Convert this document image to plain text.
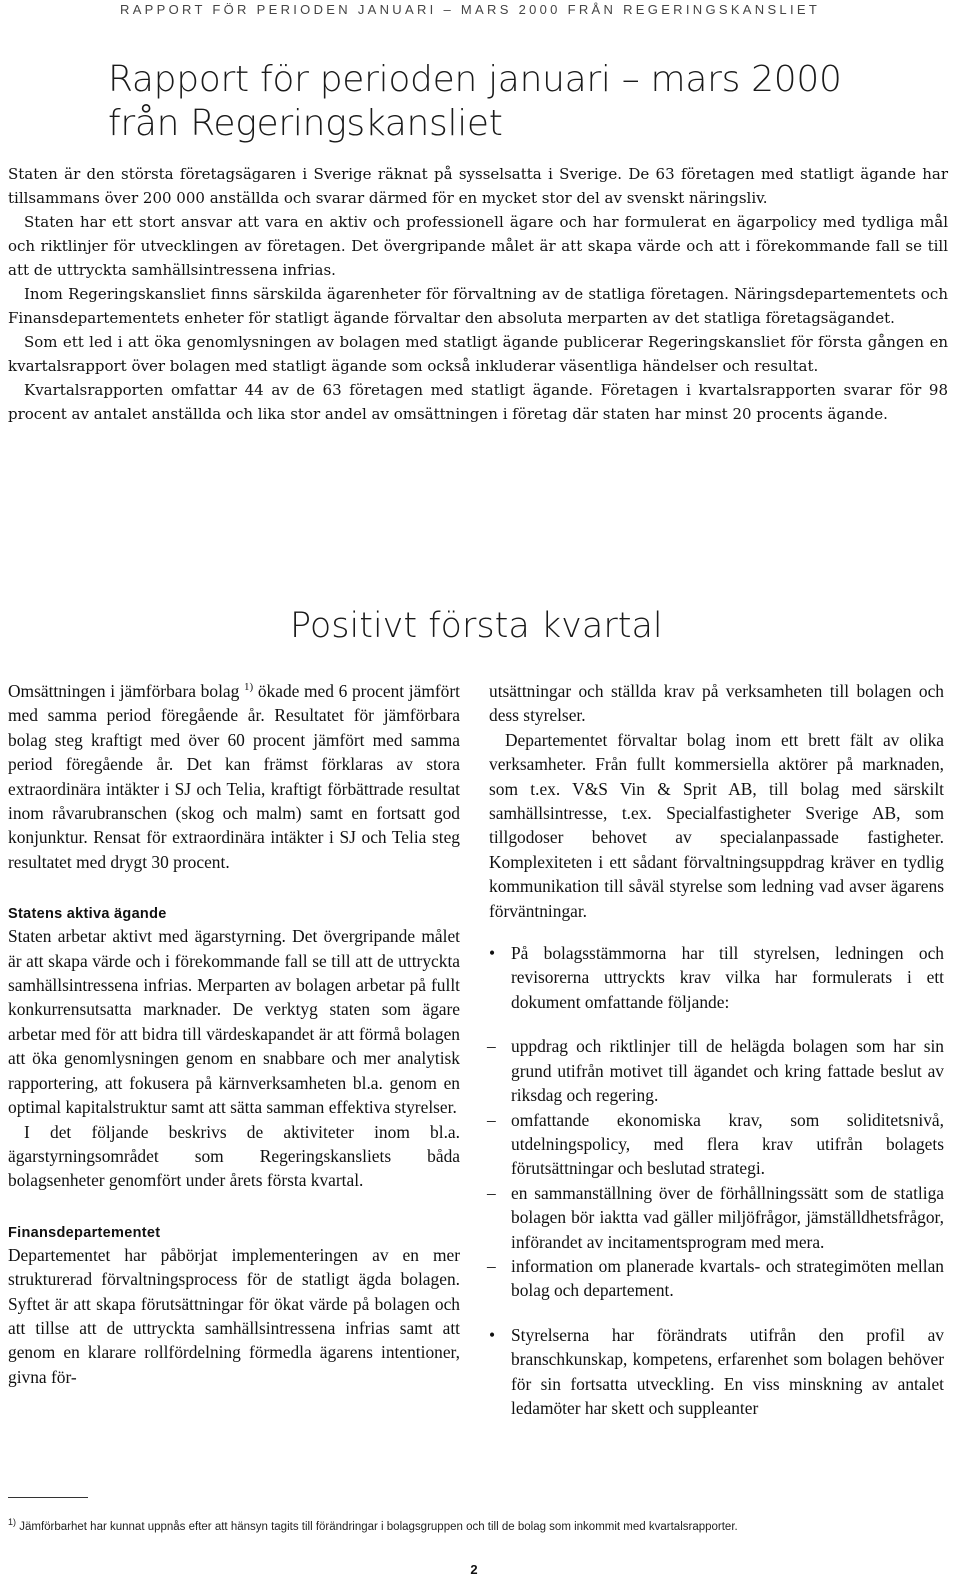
RAPPORT FÖR PERIODEN JANUARI – MARS 2000 FRÅN REGERINGSKANSLIET
Rapport för perioden januari – mars 2000
från Regeringskansliet

Staten är den största företagsägaren i Sverige räknat på sysselsatta i Sverige. De 63 företagen med statligt ägande har tillsammans över 200 000 anställda och svarar därmed för en mycket stor del av svenskt näringsliv.

Staten har ett stort ansvar att vara en aktiv och professionell ägare och har formulerat en ägarpolicy med tydliga mål och riktlinjer för utvecklingen av företagen. Det övergripande målet är att skapa värde och att i förekommande fall se till att de uttryckta samhällsintressena infrias.

Inom Regeringskansliet finns särskilda ägarenheter för förvaltning av de statliga företagen. Näringsdepartementets och Finansdepartementets enheter för statligt ägande förvaltar den absoluta merparten av det statliga företagsägandet.

Som ett led i att öka genomlysningen av bolagen med statligt ägande publicerar Regeringskansliet för första gången en kvartalsrapport över bolagen med statligt ägande som också inkluderar väsentliga händelser och resultat.

Kvartalsrapporten omfattar 44 av de 63 företagen med statligt ägande. Företagen i kvartalsrapporten svarar för 98 procent av antalet anställda och lika stor andel av omsättningen i företag där staten har minst 20 procents ägande.

Positivt första kvartal

Omsättningen i jämförbara bolag $^{1)}$ ökade med 6 procent jämfört med samma period föregående år. Resultatet för jämförbara bolag steg kraftigt med över 60 procent jämfört med samma period föregående år. Det kan främst förklaras av stora extraordinära intäkter i SJ och Telia, kraftigt förbättrade resultat inom råvarubranschen (skog och malm) samt en fortsatt god konjunktur. Rensat för extraordinära intäkter i SJ och Telia steg resultatet med drygt 30 procent.

Statens aktiva ägande

Staten arbetar aktivt med ägarstyrning. Det övergripande målet är att skapa värde och i förekommande fall se till att de uttryckta samhällsintressena infrias. Merparten av bolagen arbetar på fullt konkurrensutsatta marknader. De verktyg staten som ägare arbetar med för att bidra till värdeskapandet är att förmå bolagen att öka genomlysningen genom en snabbare och mer analytisk rapportering, att fokusera på kärnverksamheten bl.a. genom en optimal kapitalstruktur samt att sätta samman effektiva styrelser.

I det följande beskrivs de aktiviteter inom bl.a. ägarstyrningsområdet som Regeringskansliets båda bolagsenheter genomfört under årets första kvartal.

Finansdepartementet

Departementet har påbörjat implementeringen av en mer strukturerad förvaltningsprocess för de statligt ägda bolagen. Syftet är att skapa förutsättningar för ökat värde på bolagen och att tillse att de uttryckta samhällsintressena infrias samt att genom en klarare rollfördelning förmedla ägarens intentioner, givna för-

utsättningar och ställda krav på verksamheten till bolagen och dess styrelser.

Departementet förvaltar bolag inom ett brett fält av olika verksamheter. Från fullt kommersiella aktörer på marknaden, som t.ex. V&S Vin & Sprit AB, till bolag med särskilt samhällsintresse, t.ex. Specialfastigheter Sverige AB, som tillgodoser behovet av specialanpassade fastigheter. Komplexiteten i ett sådant förvaltningsuppdrag kräver en tydlig kommunikation till såväl styrelse som ledning vad avser ägarens förväntningar.

• På bolagsstämmorna har till styrelsen, ledningen och revisorerna uttryckts krav vilka har formulerats i ett dokument omfattande följande:
– uppdrag och riktlinjer till de helägda bolagen som har sin grund utifrån motivet till ägandet och kring fattade beslut av riksdag och regering.
– omfattande ekonomiska krav, som soliditetsnivå, utdelningspolicy, med flera krav utifrån bolagets förutsättningar och beslutad strategi.
– en sammanställning över de förhållningssätt som de statliga bolagen bör iaktta vad gäller miljöfrågor, jämställdhetsfrågor, införandet av incitamentsprogram med mera.
– information om planerade kvartals- och strategimöten mellan bolag och departement.
• Styrelserna har förändrats utifrån den profil av branschkunskap, kompetens, erfarenhet som bolagen behöver för sin fortsatta utveckling. En viss minskning av antalet ledamöter har skett och suppleanter
$^{1)}$ Jämförbarhet har kunnat uppnås efter att hänsyn tagits till förändringar i bolagsgruppen och till de bolag som inkommit med kvartalsrapporter.
2
